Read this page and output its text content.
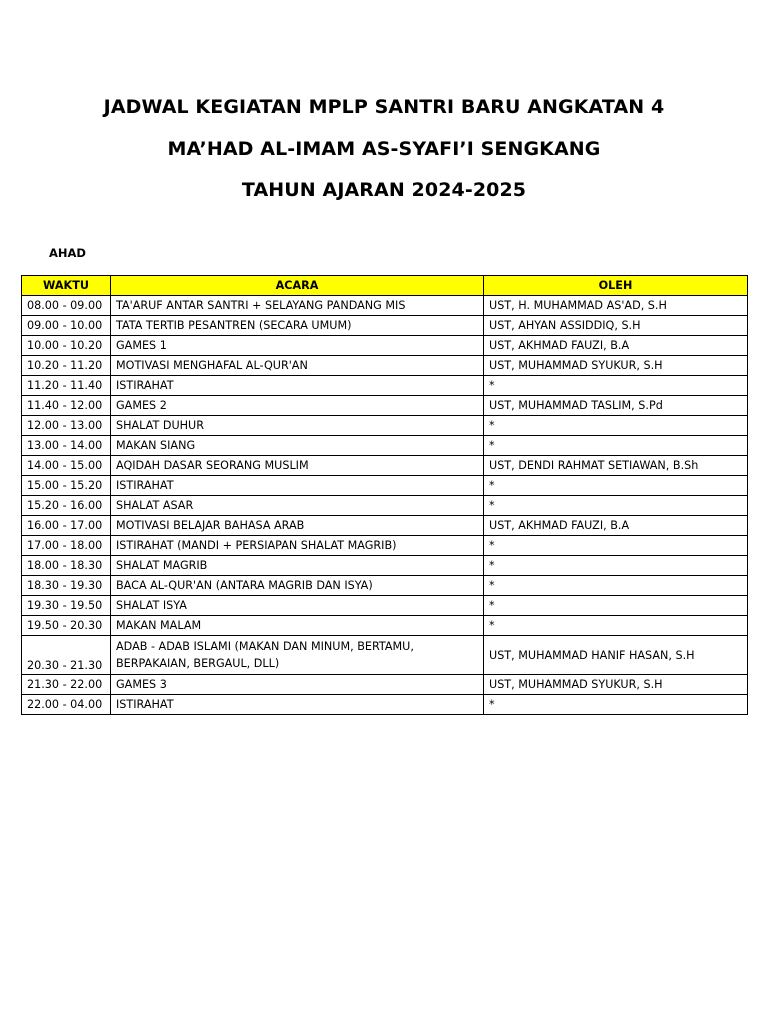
JADWAL KEGIATAN MPLP SANTRI BARU ANGKATAN 4
MA’HAD AL-IMAM AS-SYAFI’I SENGKANG
TAHUN AJARAN 2024-2025
AHAD
WAKTU	ACARA	OLEH
08.00 - 09.00	TA'ARUF ANTAR SANTRI + SELAYANG PANDANG MIS	UST, H. MUHAMMAD AS'AD, S.H
09.00 - 10.00	TATA TERTIB PESANTREN (SECARA UMUM)	UST, AHYAN ASSIDDIQ, S.H
10.00 - 10.20	GAMES 1	UST, AKHMAD FAUZI, B.A
10.20 - 11.20	MOTIVASI MENGHAFAL AL-QUR'AN	UST, MUHAMMAD SYUKUR, S.H
11.20 - 11.40	ISTIRAHAT	*
11.40 - 12.00	GAMES 2	UST, MUHAMMAD TASLIM, S.Pd
12.00 - 13.00	SHALAT DUHUR	*
13.00 - 14.00	MAKAN SIANG	*
14.00 - 15.00	AQIDAH DASAR SEORANG MUSLIM	UST, DENDI RAHMAT SETIAWAN, B.Sh
15.00 - 15.20	ISTIRAHAT	*
15.20 - 16.00	SHALAT ASAR	*
16.00 - 17.00	MOTIVASI BELAJAR BAHASA ARAB	UST, AKHMAD FAUZI, B.A
17.00 - 18.00	ISTIRAHAT (MANDI + PERSIAPAN SHALAT MAGRIB)	*
18.00 - 18.30	SHALAT MAGRIB	*
18.30 - 19.30	BACA AL-QUR'AN (ANTARA MAGRIB DAN ISYA)	*
19.30 - 19.50	SHALAT ISYA	*
19.50 - 20.30	MAKAN MALAM	*
20.30 - 21.30	ADAB - ADAB ISLAMI (MAKAN DAN MINUM, BERTAMU, BERPAKAIAN, BERGAUL, DLL)	UST, MUHAMMAD HANIF HASAN, S.H
21.30 - 22.00	GAMES 3	UST, MUHAMMAD SYUKUR, S.H
22.00 - 04.00	ISTIRAHAT	*
